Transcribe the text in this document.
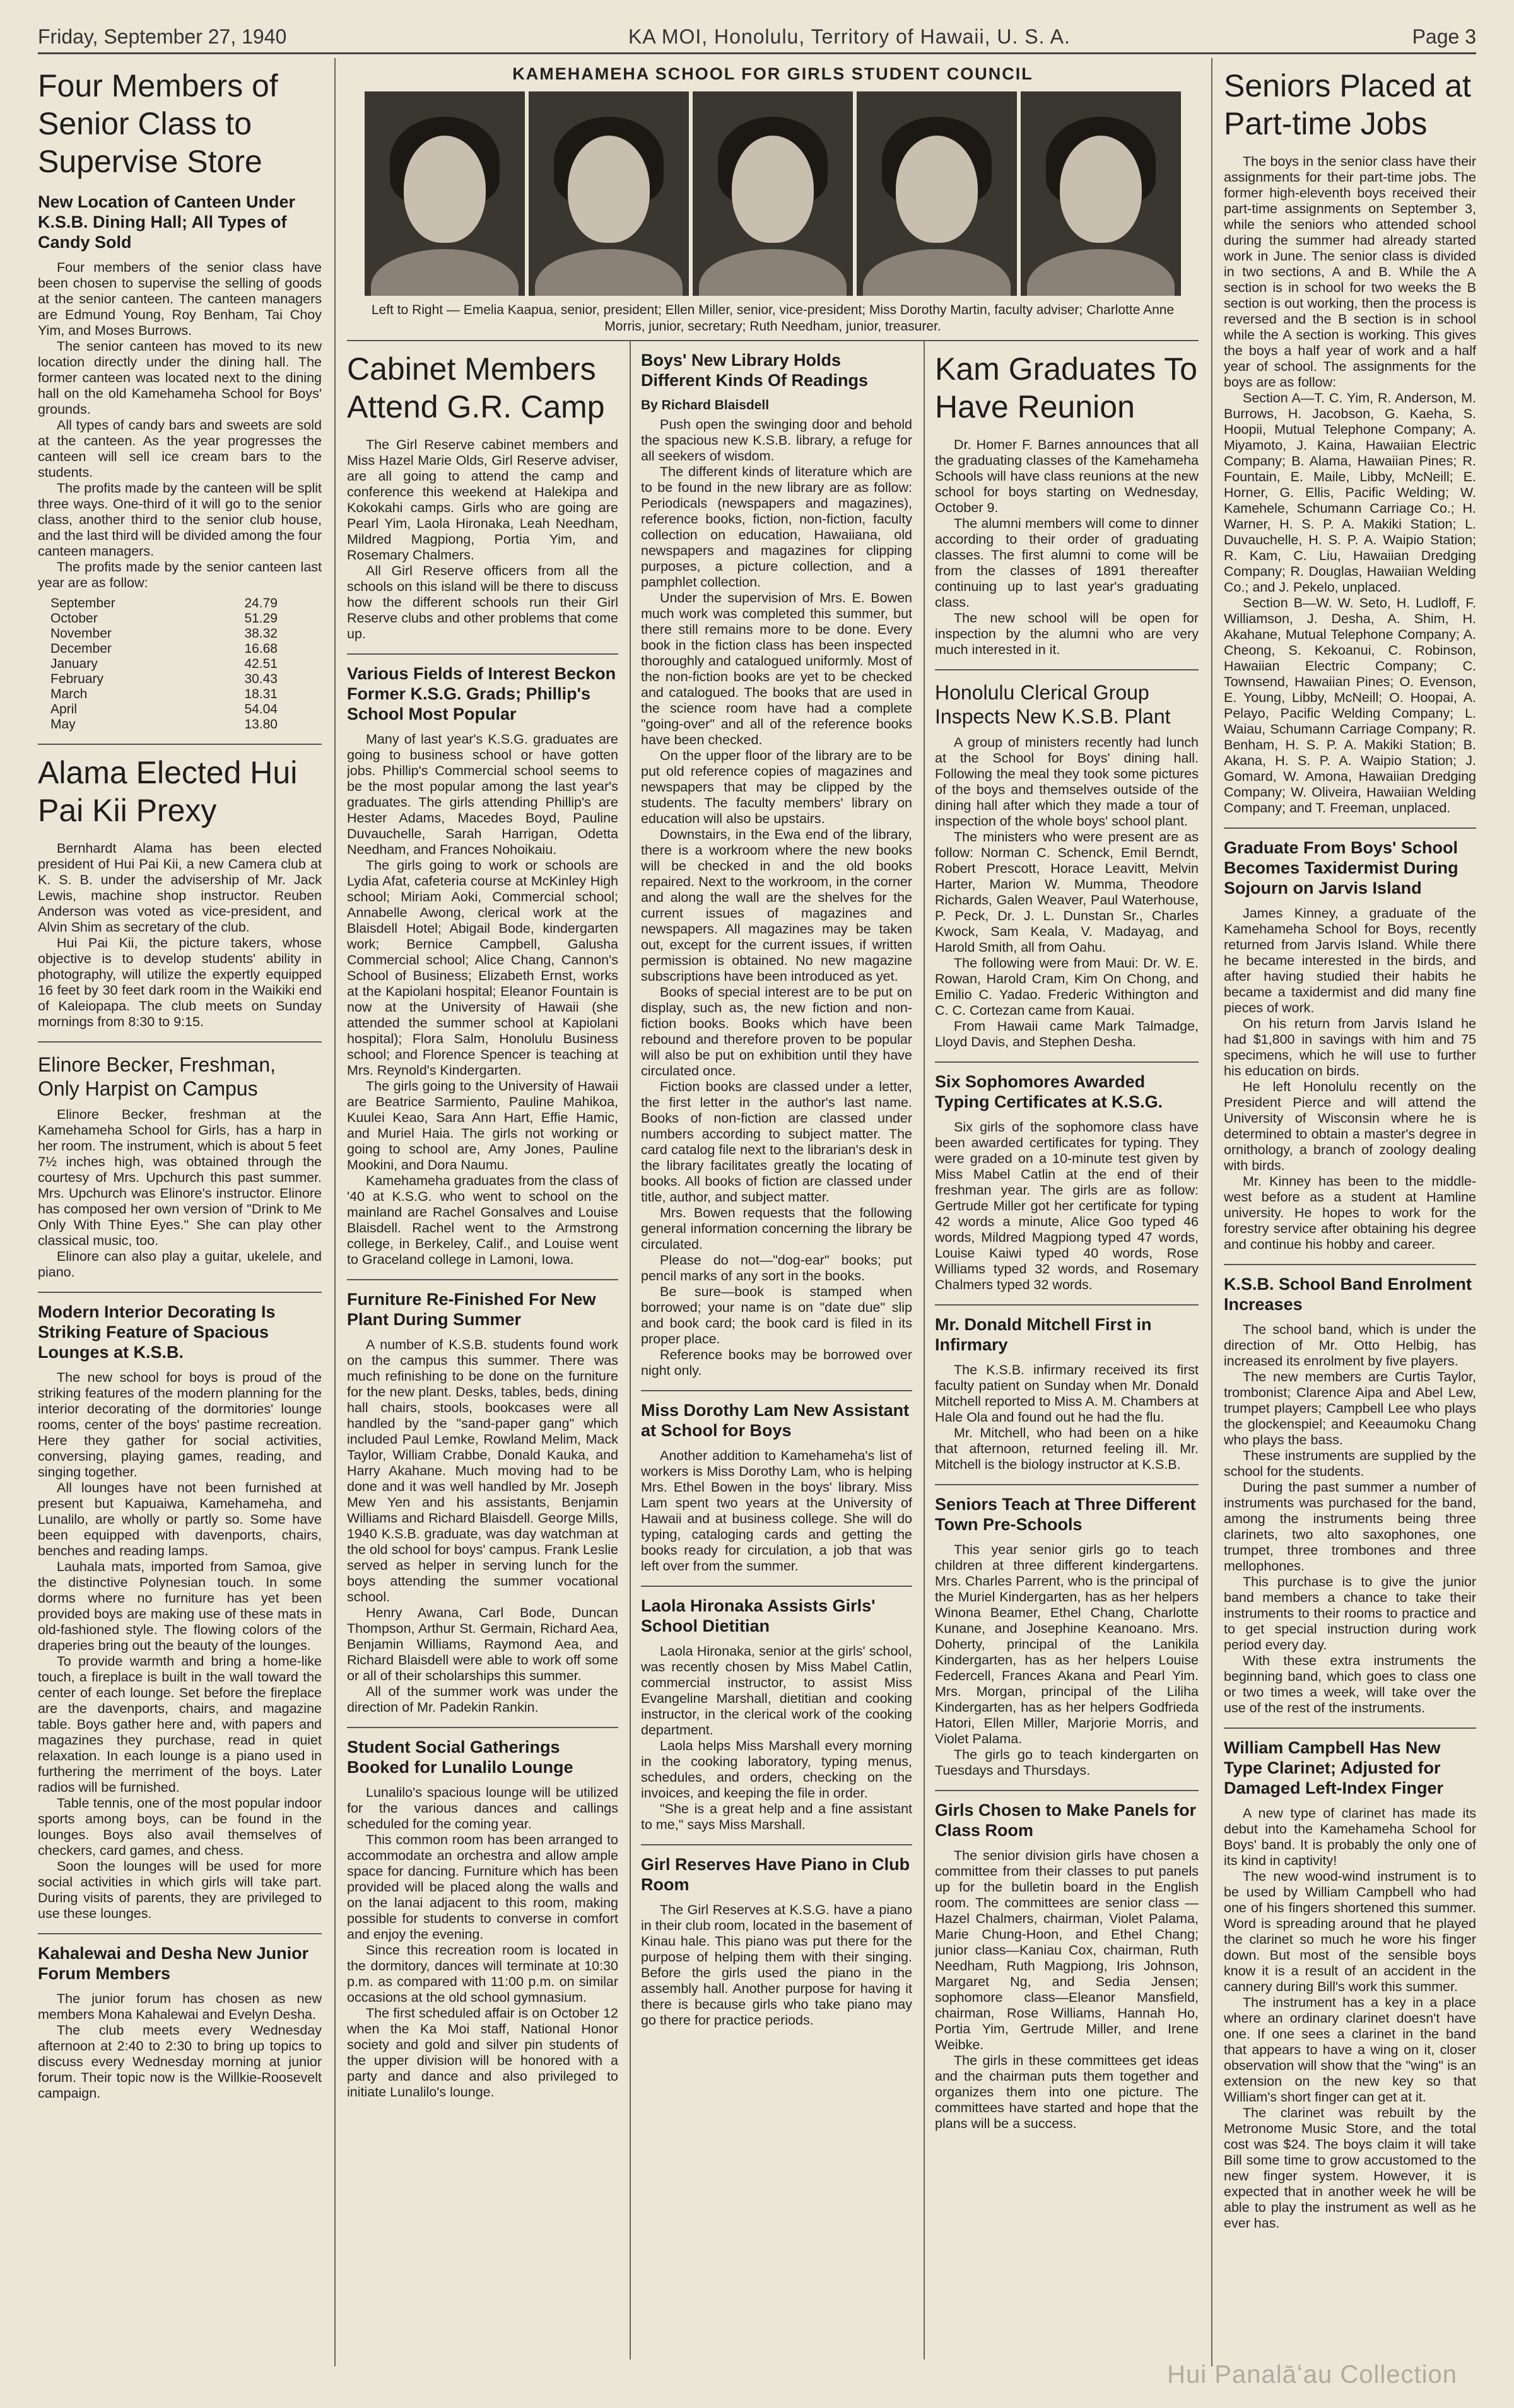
Friday, September 27, 1940	KA MOI, Honolulu, Territory of Hawaii, U. S. A.	Page 3
Four Members of Senior Class to Supervise Store
New Location of Canteen Under K.S.B. Dining Hall; All Types of Candy Sold

Four members of the senior class have been chosen to supervise the selling of goods at the senior canteen. The canteen managers are Edmund Young, Roy Benham, Tai Choy Yim, and Moses Burrows.

The senior canteen has moved to its new location directly under the dining hall. The former canteen was located next to the dining hall on the old Kamehameha School for Boys' grounds.

All types of candy bars and sweets are sold at the canteen. As the year progresses the canteen will sell ice cream bars to the students.

The profits made by the canteen will be split three ways. One-third of it will go to the senior class, another third to the senior club house, and the last third will be divided among the four canteen managers.

The profits made by the senior canteen last year are as follow:

September	24.79
October	51.29
November	38.32
December	16.68
January	42.51
February	30.43
March	18.31
April	54.04
May	13.80
Alama Elected Hui Pai Kii Prexy

Bernhardt Alama has been elected president of Hui Pai Kii, a new Camera club at K. S. B. under the advisership of Mr. Jack Lewis, machine shop instructor. Reuben Anderson was voted as vice-president, and Alvin Shim as secretary of the club.

Hui Pai Kii, the picture takers, whose objective is to develop students' ability in photography, will utilize the expertly equipped 16 feet by 30 feet dark room in the Waikiki end of Kaleiopapa. The club meets on Sunday mornings from 8:30 to 9:15.

Elinore Becker, Freshman, Only Harpist on Campus

Elinore Becker, freshman at the Kamehameha School for Girls, has a harp in her room. The instrument, which is about 5 feet 7½ inches high, was obtained through the courtesy of Mrs. Upchurch this past summer. Mrs. Upchurch was Elinore's instructor. Elinore has composed her own version of "Drink to Me Only With Thine Eyes." She can play other classical music, too.

Elinore can also play a guitar, ukelele, and piano.

Modern Interior Decorating Is Striking Feature of Spacious Lounges at K.S.B.

The new school for boys is proud of the striking features of the modern planning for the interior decorating of the dormitories' lounge rooms, center of the boys' pastime recreation. Here they gather for social activities, conversing, playing games, reading, and singing together.

All lounges have not been furnished at present but Kapuaiwa, Kamehameha, and Lunalilo, are wholly or partly so. Some have been equipped with davenports, chairs, benches and reading lamps.

Lauhala mats, imported from Samoa, give the distinctive Polynesian touch. In some dorms where no furniture has yet been provided boys are making use of these mats in old-fashioned style. The flowing colors of the draperies bring out the beauty of the lounges.

To provide warmth and bring a home-like touch, a fireplace is built in the wall toward the center of each lounge. Set before the fireplace are the davenports, chairs, and magazine table. Boys gather here and, with papers and magazines they purchase, read in quiet relaxation. In each lounge is a piano used in furthering the merriment of the boys. Later radios will be furnished.

Table tennis, one of the most popular indoor sports among boys, can be found in the lounges. Boys also avail themselves of checkers, card games, and chess.

Soon the lounges will be used for more social activities in which girls will take part. During visits of parents, they are privileged to use these lounges.

Kahalewai and Desha New Junior Forum Members

The junior forum has chosen as new members Mona Kahalewai and Evelyn Desha.

The club meets every Wednesday afternoon at 2:40 to 2:30 to bring up topics to discuss every Wednesday morning at junior forum. Their topic now is the Willkie-Roosevelt campaign.

KAMEHAMEHA SCHOOL FOR GIRLS STUDENT COUNCIL
Left to Right — Emelia Kaapua, senior, president; Ellen Miller, senior, vice-president; Miss Dorothy Martin, faculty adviser; Charlotte Anne Morris, junior, secretary; Ruth Needham, junior, treasurer.
Cabinet Members Attend G.R. Camp

The Girl Reserve cabinet members and Miss Hazel Marie Olds, Girl Reserve adviser, are all going to attend the camp and conference this weekend at Halekipa and Kokokahi camps. Girls who are going are Pearl Yim, Laola Hironaka, Leah Needham, Mildred Magpiong, Portia Yim, and Rosemary Chalmers.

All Girl Reserve officers from all the schools on this island will be there to discuss how the different schools run their Girl Reserve clubs and other problems that come up.

Various Fields of Interest Beckon Former K.S.G. Grads; Phillip's School Most Popular

Many of last year's K.S.G. graduates are going to business school or have gotten jobs. Phillip's Commercial school seems to be the most popular among the last year's graduates. The girls attending Phillip's are Hester Adams, Macedes Boyd, Pauline Duvauchelle, Sarah Harrigan, Odetta Needham, and Frances Nohoikaiu.

The girls going to work or schools are Lydia Afat, cafeteria course at McKinley High school; Miriam Aoki, Commercial school; Annabelle Awong, clerical work at the Blaisdell Hotel; Abigail Bode, kindergarten work; Bernice Campbell, Galusha Commercial school; Alice Chang, Cannon's School of Business; Elizabeth Ernst, works at the Kapiolani hospital; Eleanor Fountain is now at the University of Hawaii (she attended the summer school at Kapiolani hospital); Flora Salm, Honolulu Business school; and Florence Spencer is teaching at Mrs. Reynold's Kindergarten.

The girls going to the University of Hawaii are Beatrice Sarmiento, Pauline Mahikoa, Kuulei Keao, Sara Ann Hart, Effie Hamic, and Muriel Haia. The girls not working or going to school are, Amy Jones, Pauline Mookini, and Dora Naumu.

Kamehameha graduates from the class of '40 at K.S.G. who went to school on the mainland are Rachel Gonsalves and Louise Blaisdell. Rachel went to the Armstrong college, in Berkeley, Calif., and Louise went to Graceland college in Lamoni, Iowa.

Furniture Re-Finished For New Plant During Summer

A number of K.S.B. students found work on the campus this summer. There was much refinishing to be done on the furniture for the new plant. Desks, tables, beds, dining hall chairs, stools, bookcases were all handled by the "sand-paper gang" which included Paul Lemke, Rowland Melim, Mack Taylor, William Crabbe, Donald Kauka, and Harry Akahane. Much moving had to be done and it was well handled by Mr. Joseph Mew Yen and his assistants, Benjamin Williams and Richard Blaisdell. George Mills, 1940 K.S.B. graduate, was day watchman at the old school for boys' campus. Frank Leslie served as helper in serving lunch for the boys attending the summer vocational school.

Henry Awana, Carl Bode, Duncan Thompson, Arthur St. Germain, Richard Aea, Benjamin Williams, Raymond Aea, and Richard Blaisdell were able to work off some or all of their scholarships this summer.

All of the summer work was under the direction of Mr. Padekin Rankin.

Student Social Gatherings Booked for Lunalilo Lounge

Lunalilo's spacious lounge will be utilized for the various dances and callings scheduled for the coming year.

This common room has been arranged to accommodate an orchestra and allow ample space for dancing. Furniture which has been provided will be placed along the walls and on the lanai adjacent to this room, making possible for students to converse in comfort and enjoy the evening.

Since this recreation room is located in the dormitory, dances will terminate at 10:30 p.m. as compared with 11:00 p.m. on similar occasions at the old school gymnasium.

The first scheduled affair is on October 12 when the Ka Moi staff, National Honor society and gold and silver pin students of the upper division will be honored with a party and dance and also privileged to initiate Lunalilo's lounge.

Boys' New Library Holds Different Kinds Of Readings
By Richard Blaisdell

Push open the swinging door and behold the spacious new K.S.B. library, a refuge for all seekers of wisdom.

The different kinds of literature which are to be found in the new library are as follow: Periodicals (newspapers and magazines), reference books, fiction, non-fiction, faculty collection on education, Hawaiiana, old newspapers and magazines for clipping purposes, a picture collection, and a pamphlet collection.

Under the supervision of Mrs. E. Bowen much work was completed this summer, but there still remains more to be done. Every book in the fiction class has been inspected thoroughly and catalogued uniformly. Most of the non-fiction books are yet to be checked and catalogued. The books that are used in the science room have had a complete "going-over" and all of the reference books have been checked.

On the upper floor of the library are to be put old reference copies of magazines and newspapers that may be clipped by the students. The faculty members' library on education will also be upstairs.

Downstairs, in the Ewa end of the library, there is a workroom where the new books will be checked in and the old books repaired. Next to the workroom, in the corner and along the wall are the shelves for the current issues of magazines and newspapers. All magazines may be taken out, except for the current issues, if written permission is obtained. No new magazine subscriptions have been introduced as yet.

Books of special interest are to be put on display, such as, the new fiction and non-fiction books. Books which have been rebound and therefore proven to be popular will also be put on exhibition until they have circulated once.

Fiction books are classed under a letter, the first letter in the author's last name. Books of non-fiction are classed under numbers according to subject matter. The card catalog file next to the librarian's desk in the library facilitates greatly the locating of books. All books of fiction are classed under title, author, and subject matter.

Mrs. Bowen requests that the following general information concerning the library be circulated.

Please do not—"dog-ear" books; put pencil marks of any sort in the books.

Be sure—book is stamped when borrowed; your name is on "date due" slip and book card; the book card is filed in its proper place.

Reference books may be borrowed over night only.

Miss Dorothy Lam New Assistant at School for Boys

Another addition to Kamehameha's list of workers is Miss Dorothy Lam, who is helping Mrs. Ethel Bowen in the boys' library. Miss Lam spent two years at the University of Hawaii and at business college. She will do typing, cataloging cards and getting the books ready for circulation, a job that was left over from the summer.

Laola Hironaka Assists Girls' School Dietitian

Laola Hironaka, senior at the girls' school, was recently chosen by Miss Mabel Catlin, commercial instructor, to assist Miss Evangeline Marshall, dietitian and cooking instructor, in the clerical work of the cooking department.

Laola helps Miss Marshall every morning in the cooking laboratory, typing menus, schedules, and orders, checking on the invoices, and keeping the file in order.

"She is a great help and a fine assistant to me," says Miss Marshall.

Girl Reserves Have Piano in Club Room

The Girl Reserves at K.S.G. have a piano in their club room, located in the basement of Kinau hale. This piano was put there for the purpose of helping them with their singing. Before the girls used the piano in the assembly hall. Another purpose for having it there is because girls who take piano may go there for practice periods.

Kam Graduates To Have Reunion

Dr. Homer F. Barnes announces that all the graduating classes of the Kamehameha Schools will have class reunions at the new school for boys starting on Wednesday, October 9.

The alumni members will come to dinner according to their order of graduating classes. The first alumni to come will be from the classes of 1891 thereafter continuing up to last year's graduating class.

The new school will be open for inspection by the alumni who are very much interested in it.

Honolulu Clerical Group Inspects New K.S.B. Plant

A group of ministers recently had lunch at the School for Boys' dining hall. Following the meal they took some pictures of the boys and themselves outside of the dining hall after which they made a tour of inspection of the whole boys' school plant.

The ministers who were present are as follow: Norman C. Schenck, Emil Berndt, Robert Prescott, Horace Leavitt, Melvin Harter, Marion W. Mumma, Theodore Richards, Galen Weaver, Paul Waterhouse, P. Peck, Dr. J. L. Dunstan Sr., Charles Kwock, Sam Keala, V. Madayag, and Harold Smith, all from Oahu.

The following were from Maui: Dr. W. E. Rowan, Harold Cram, Kim On Chong, and Emilio C. Yadao. Frederic Withington and C. C. Cortezan came from Kauai.

From Hawaii came Mark Talmadge, Lloyd Davis, and Stephen Desha.

Six Sophomores Awarded Typing Certificates at K.S.G.

Six girls of the sophomore class have been awarded certificates for typing. They were graded on a 10-minute test given by Miss Mabel Catlin at the end of their freshman year. The girls are as follow: Gertrude Miller got her certificate for typing 42 words a minute, Alice Goo typed 46 words, Mildred Magpiong typed 47 words, Louise Kaiwi typed 40 words, Rose Williams typed 32 words, and Rosemary Chalmers typed 32 words.

Mr. Donald Mitchell First in Infirmary

The K.S.B. infirmary received its first faculty patient on Sunday when Mr. Donald Mitchell reported to Miss A. M. Chambers at Hale Ola and found out he had the flu.

Mr. Mitchell, who had been on a hike that afternoon, returned feeling ill. Mr. Mitchell is the biology instructor at K.S.B.

Seniors Teach at Three Different Town Pre-Schools

This year senior girls go to teach children at three different kindergartens. Mrs. Charles Parrent, who is the principal of the Muriel Kindergarten, has as her helpers Winona Beamer, Ethel Chang, Charlotte Kunane, and Josephine Keanoano. Mrs. Doherty, principal of the Lanikila Kindergarten, has as her helpers Louise Federcell, Frances Akana and Pearl Yim. Mrs. Morgan, principal of the Liliha Kindergarten, has as her helpers Godfrieda Hatori, Ellen Miller, Marjorie Morris, and Violet Palama.

The girls go to teach kindergarten on Tuesdays and Thursdays.

Girls Chosen to Make Panels for Class Room

The senior division girls have chosen a committee from their classes to put panels up for the bulletin board in the English room. The committees are senior class — Hazel Chalmers, chairman, Violet Palama, Marie Chung-Hoon, and Ethel Chang; junior class—Kaniau Cox, chairman, Ruth Needham, Ruth Magpiong, Iris Johnson, Margaret Ng, and Sedia Jensen; sophomore class—Eleanor Mansfield, chairman, Rose Williams, Hannah Ho, Portia Yim, Gertrude Miller, and Irene Weibke.

The girls in these committees get ideas and the chairman puts them together and organizes them into one picture. The committees have started and hope that the plans will be a success.

Seniors Placed at Part-time Jobs

The boys in the senior class have their assignments for their part-time jobs. The former high-eleventh boys received their part-time assignments on September 3, while the seniors who attended school during the summer had already started work in June. The senior class is divided in two sections, A and B. While the A section is in school for two weeks the B section is out working, then the process is reversed and the B section is in school while the A section is working. This gives the boys a half year of work and a half year of school. The assignments for the boys are as follow:

Section A—T. C. Yim, R. Anderson, M. Burrows, H. Jacobson, G. Kaeha, S. Hoopii, Mutual Telephone Company; A. Miyamoto, J. Kaina, Hawaiian Electric Company; B. Alama, Hawaiian Pines; R. Fountain, E. Maile, Libby, McNeill; E. Horner, G. Ellis, Pacific Welding; W. Kamehele, Schumann Carriage Co.; H. Warner, H. S. P. A. Makiki Station; L. Duvauchelle, H. S. P. A. Waipio Station; R. Kam, C. Liu, Hawaiian Dredging Company; R. Douglas, Hawaiian Welding Co.; and J. Pekelo, unplaced.

Section B—W. W. Seto, H. Ludloff, F. Williamson, J. Desha, A. Shim, H. Akahane, Mutual Telephone Company; A. Cheong, S. Kekoanui, C. Robinson, Hawaiian Electric Company; C. Townsend, Hawaiian Pines; O. Evenson, E. Young, Libby, McNeill; O. Hoopai, A. Pelayo, Pacific Welding Company; L. Waiau, Schumann Carriage Company; R. Benham, H. S. P. A. Makiki Station; B. Akana, H. S. P. A. Waipio Station; J. Gomard, W. Amona, Hawaiian Dredging Company; W. Oliveira, Hawaiian Welding Company; and T. Freeman, unplaced.

Graduate From Boys' School Becomes Taxidermist During Sojourn on Jarvis Island

James Kinney, a graduate of the Kamehameha School for Boys, recently returned from Jarvis Island. While there he became interested in the birds, and after having studied their habits he became a taxidermist and did many fine pieces of work.

On his return from Jarvis Island he had $1,800 in savings with him and 75 specimens, which he will use to further his education on birds.

He left Honolulu recently on the President Pierce and will attend the University of Wisconsin where he is determined to obtain a master's degree in ornithology, a branch of zoology dealing with birds.

Mr. Kinney has been to the middle-west before as a student at Hamline university. He hopes to work for the forestry service after obtaining his degree and continue his hobby and career.

K.S.B. School Band Enrolment Increases

The school band, which is under the direction of Mr. Otto Helbig, has increased its enrolment by five players.

The new members are Curtis Taylor, trombonist; Clarence Aipa and Abel Lew, trumpet players; Campbell Lee who plays the glockenspiel; and Keeaumoku Chang who plays the bass.

These instruments are supplied by the school for the students.

During the past summer a number of instruments was purchased for the band, among the instruments being three clarinets, two alto saxophones, one trumpet, three trombones and three mellophones.

This purchase is to give the junior band members a chance to take their instruments to their rooms to practice and to get special instruction during work period every day.

With these extra instruments the beginning band, which goes to class one or two times a week, will take over the use of the rest of the instruments.

William Campbell Has New Type Clarinet; Adjusted for Damaged Left-Index Finger

A new type of clarinet has made its debut into the Kamehameha School for Boys' band. It is probably the only one of its kind in captivity!

The new wood-wind instrument is to be used by William Campbell who had one of his fingers shortened this summer. Word is spreading around that he played the clarinet so much he wore his finger down. But most of the sensible boys know it is a result of an accident in the cannery during Bill's work this summer.

The instrument has a key in a place where an ordinary clarinet doesn't have one. If one sees a clarinet in the band that appears to have a wing on it, closer observation will show that the "wing" is an extension on the new key so that William's short finger can get at it.

The clarinet was rebuilt by the Metronome Music Store, and the total cost was $24. The boys claim it will take Bill some time to grow accustomed to the new finger system. However, it is expected that in another week he will be able to play the instrument as well as he ever has.

Hui Panalāʻau Collection
